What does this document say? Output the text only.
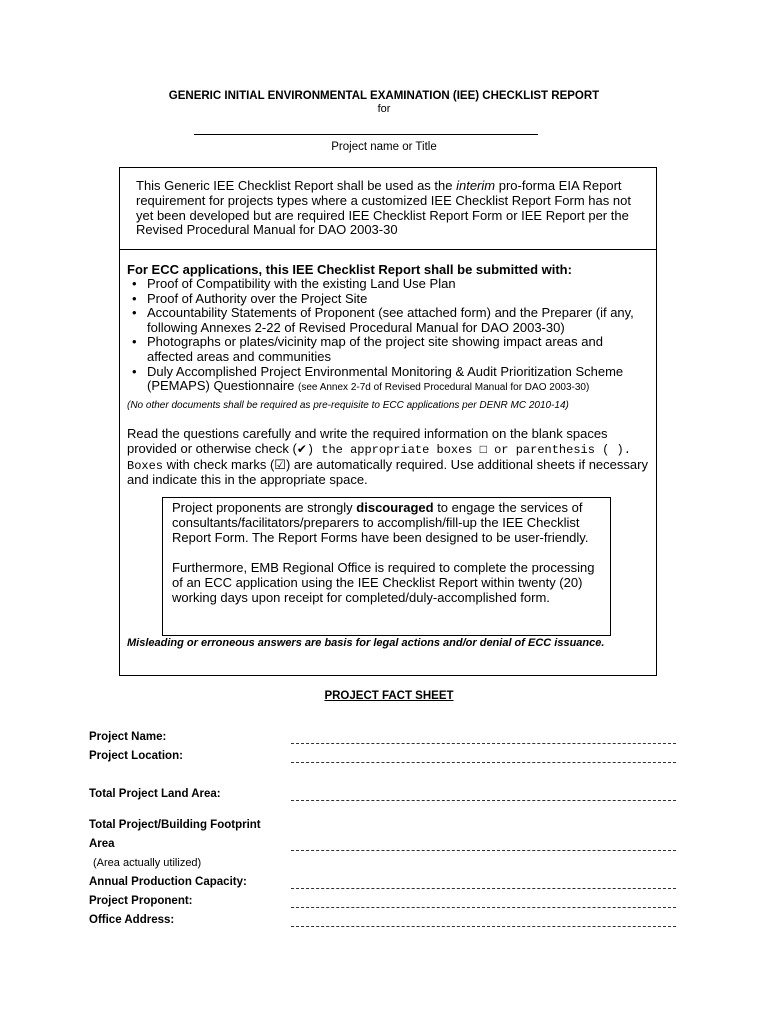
GENERIC INITIAL ENVIRONMENTAL EXAMINATION (IEE) CHECKLIST REPORT
for
Project name or Title
This Generic IEE Checklist Report shall be used as the interim pro-forma EIA Report requirement for projects types where a customized IEE Checklist Report Form has not yet been developed but are required IEE Checklist Report Form or IEE Report per the Revised Procedural Manual for DAO 2003-30
For ECC applications, this IEE Checklist Report shall be submitted with:
• Proof of Compatibility with the existing Land Use Plan
• Proof of Authority over the Project Site
• Accountability Statements of Proponent (see attached form) and the Preparer (if any, following Annexes 2-22 of Revised Procedural Manual for DAO 2003-30)
• Photographs or plates/vicinity map of the project site showing impact areas and affected areas and communities
• Duly Accomplished Project Environmental Monitoring & Audit Prioritization Scheme (PEMAPS) Questionnaire (see Annex 2-7d of Revised Procedural Manual for DAO 2003-30)
(No other documents shall be required as pre-requisite to ECC applications per DENR MC 2010-14)
Read the questions carefully and write the required information on the blank spaces provided or otherwise check (✔) the appropriate boxes □ or parenthesis ( ). Boxes with check marks (☑) are automatically required. Use additional sheets if necessary and indicate this in the appropriate space.

Project proponents are strongly discouraged to engage the services of consultants/facilitators/preparers to accomplish/fill-up the IEE Checklist Report Form. The Report Forms have been designed to be user-friendly.

Furthermore, EMB Regional Office is required to complete the processing of an ECC application using the IEE Checklist Report within twenty (20) working days upon receipt for completed/duly-accomplished form.

Misleading or erroneous answers are basis for legal actions and/or denial of ECC issuance.
PROJECT FACT SHEET
Project Name:
Project Location:
Total Project Land Area:
Total Project/Building Footprint
Area
(Area actually utilized)
Annual Production Capacity:
Project Proponent:
Office Address:
